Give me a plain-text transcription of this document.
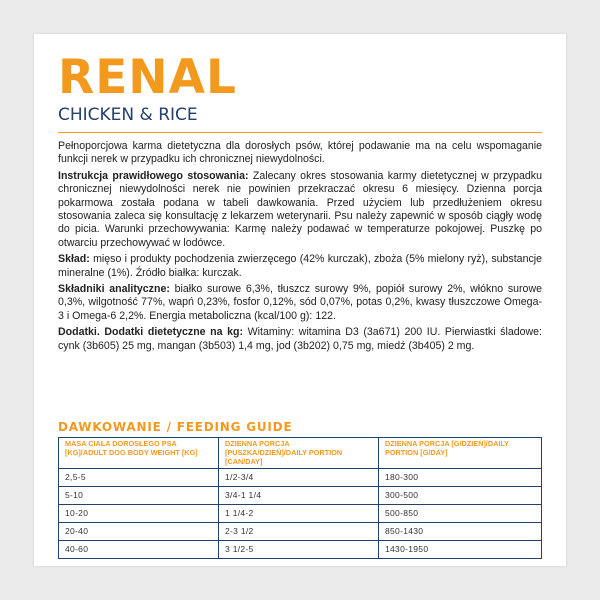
RENAL
CHICKEN & RICE

Pełnoporcjowa karma dietetyczna dla dorosłych psów, której podawanie ma na celu wspomaganie funkcji nerek w przypadku ich chronicznej niewydolności.

Instrukcja prawidłowego stosowania: Zalecany okres stosowania karmy dietetycznej w przypadku chronicznej niewydolności nerek nie powinien przekraczać okresu 6 miesięcy. Dzienna porcja pokarmowa została podana w tabeli dawkowania. Przed użyciem lub przedłużeniem okresu stosowania zaleca się konsultację z lekarzem weterynarii. Psu należy zapewnić w sposób ciągły wodę do picia. Warunki przechowywania: Karmę należy podawać w temperaturze pokojowej. Puszkę po otwarciu przechowywać w lodówce.

Skład: mięso i produkty pochodzenia zwierzęcego (42% kurczak), zboża (5% mielony ryż), substancje mineralne (1%). Źródło białka: kurczak.

Składniki analityczne: białko surowe 6,3%, tłuszcz surowy 9%, popiół surowy 2%, włókno surowe 0,3%, wilgotność 77%, wapń 0,23%, fosfor 0,12%, sód 0,07%, potas 0,2%, kwasy tłuszczowe Omega-3 i Omega-6 2,2%. Energia metaboliczna (kcal/100 g): 122.

Dodatki. Dodatki dietetyczne na kg: Witaminy: witamina D3 (3a671) 200 IU. Pierwiastki śladowe: cynk (3b605) 25 mg, mangan (3b503) 1,4 mg, jod (3b202) 0,75 mg, miedź (3b405) 2 mg.

DAWKOWANIE / FEEDING GUIDE
MASA CIAŁA DOROSŁEGO PSA [KG]/ADULT DOG BODY WEIGHT [KG]
2,5-5
5-10
10-20
20-40
40-60
DZIENNA PORCJA [PUSZKA/DZIEŃ]/DAILY PORTION [CAN/DAY]
1/2-3/4
3/4-1 1/4
1 1/4-2
2-3 1/2
3 1/2-5
DZIENNA PORCJA [G/DZIEŃ]/DAILY PORTION [G/DAY]
180-300
300-500
500-850
850-1430
1430-1950
